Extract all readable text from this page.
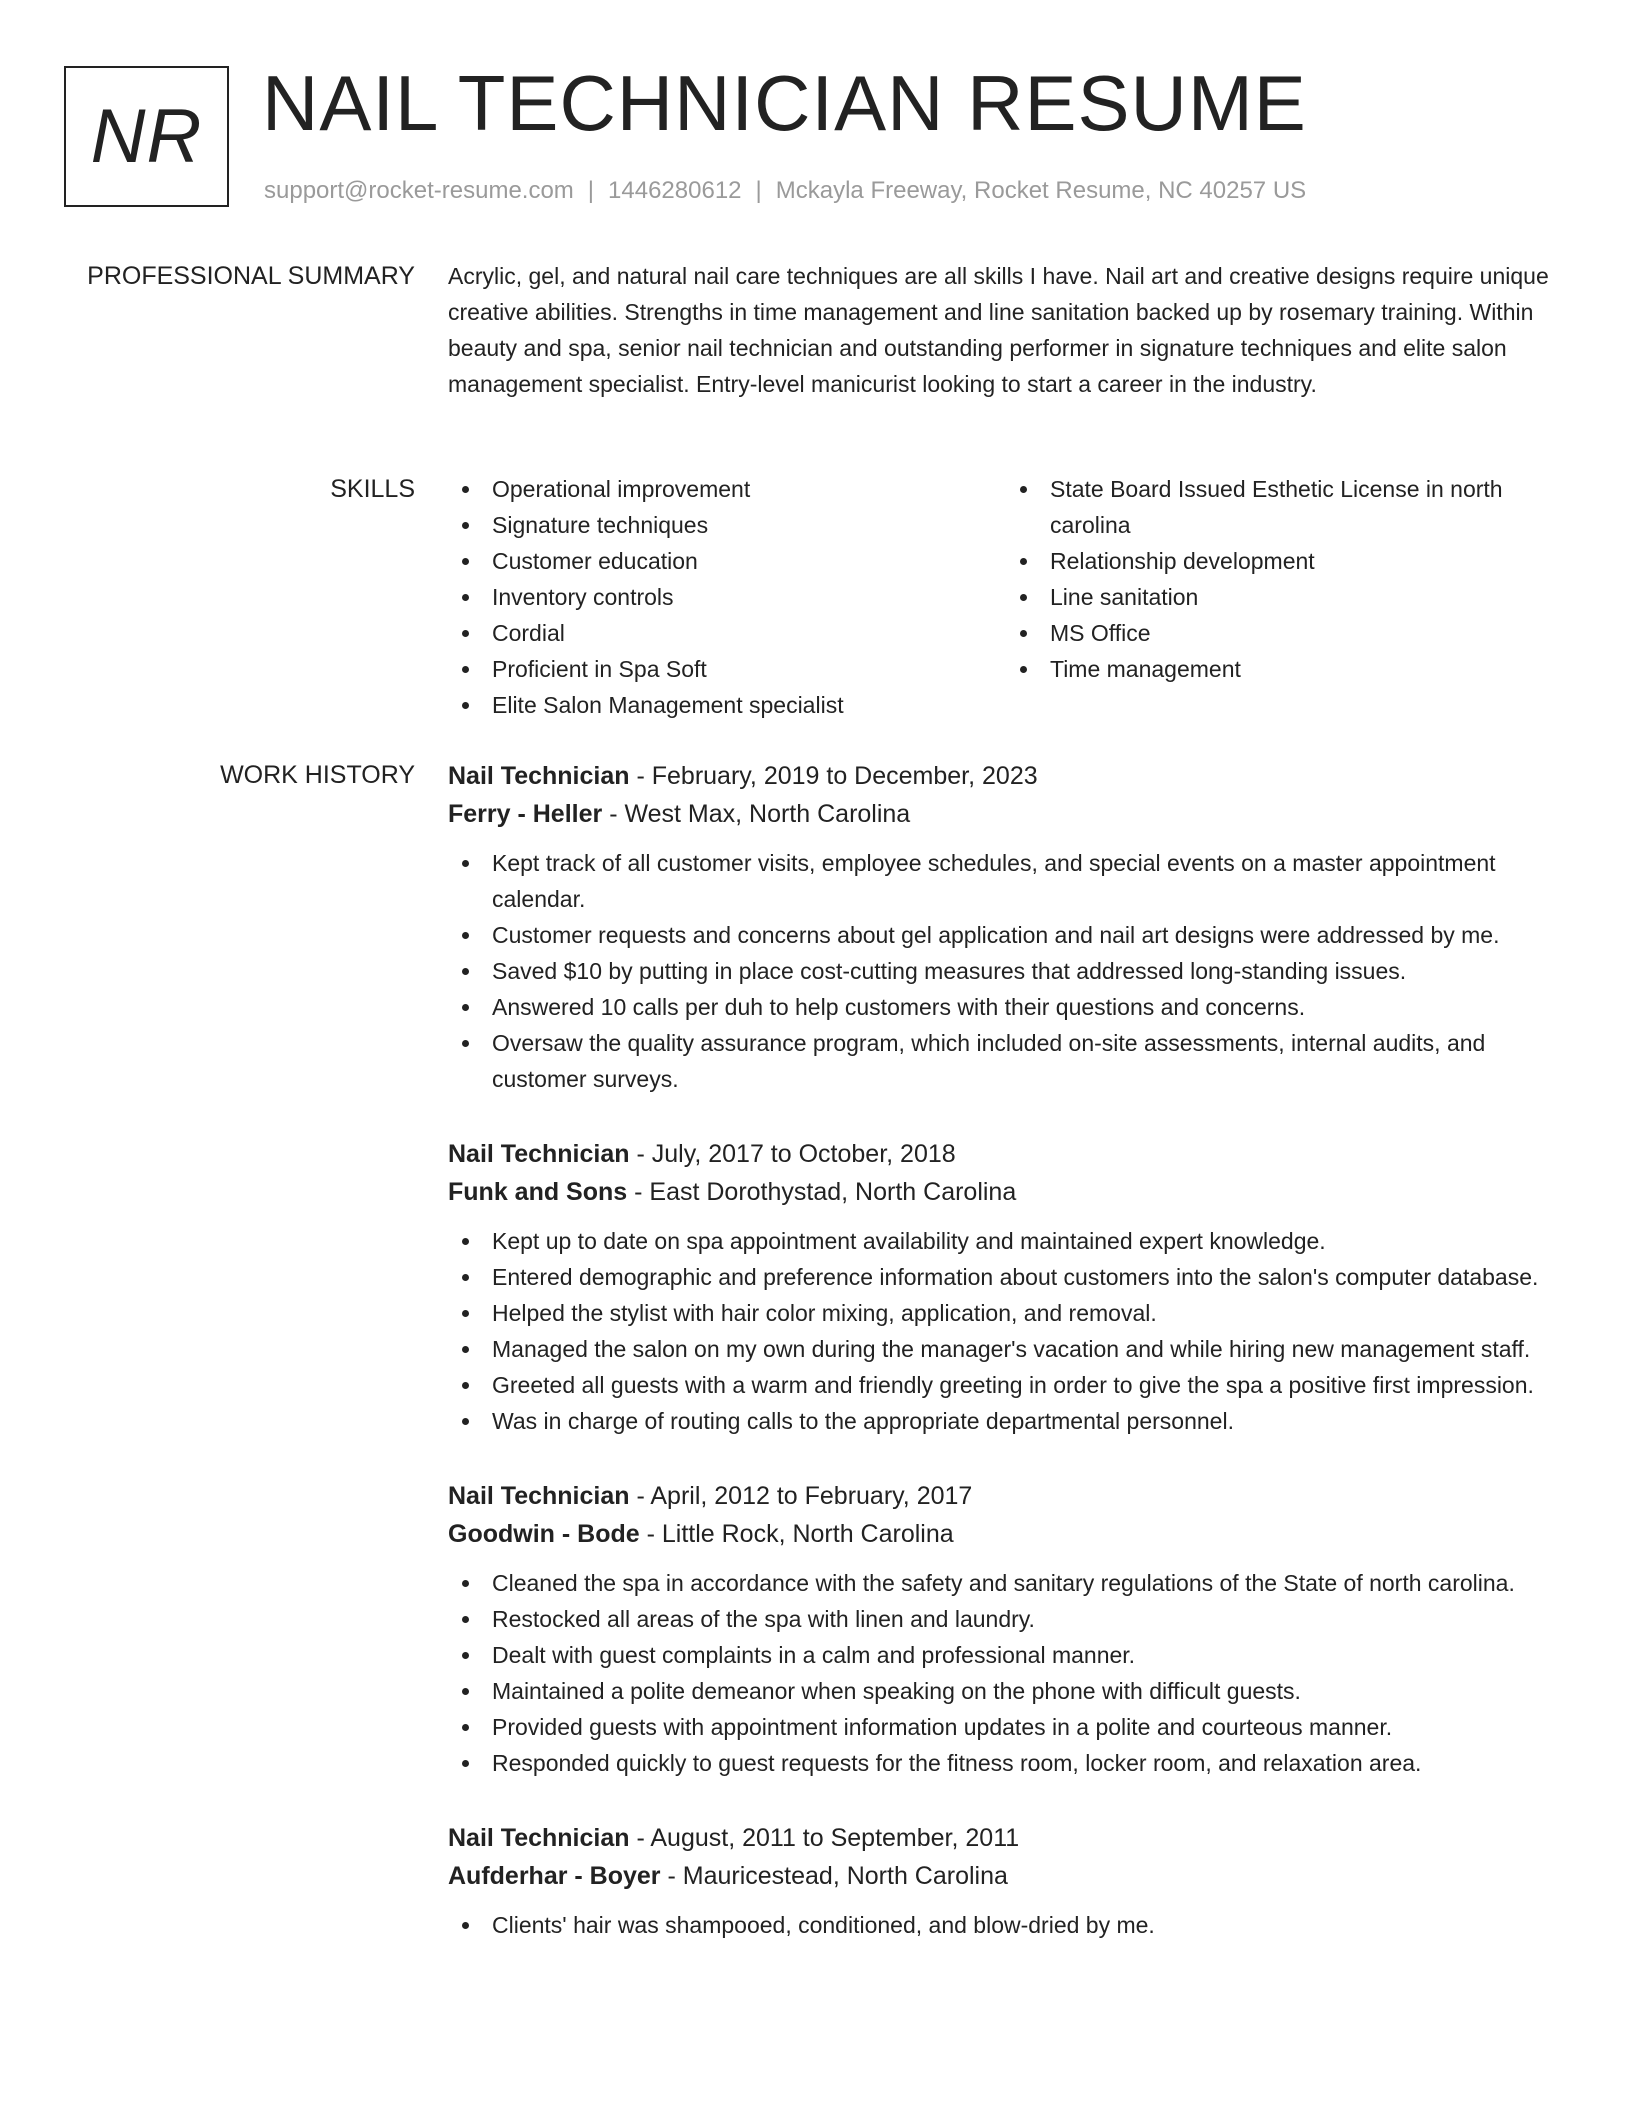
NR NAIL TECHNICIAN RESUME
support@rocket-resume.com | 1446280612 | Mckayla Freeway, Rocket Resume, NC 40257 US
PROFESSIONAL SUMMARY Acrylic, gel, and natural nail care techniques are all skills I have. Nail art and creative designs require unique creative abilities. Strengths in time management and line sanitation backed up by rosemary training. Within beauty and spa, senior nail technician and outstanding performer in signature techniques and elite salon management specialist. Entry-level manicurist looking to start a career in the industry.

SKILLS	Operational improvement
Signature techniques
Customer education
Inventory controls
Cordial
Proficient in Spa Soft
Elite Salon Management specialist
State Board Issued Esthetic License in north carolina
Relationship development
Line sanitation
MS Office
Time management
WORK HISTORY Nail Technician - February, 2019 to December, 2023
Ferry - Heller - West Max, North Carolina
Kept track of all customer visits, employee schedules, and special events on a master appointment calendar.
Customer requests and concerns about gel application and nail art designs were addressed by me.
Saved $10 by putting in place cost-cutting measures that addressed long-standing issues.
Answered 10 calls per duh to help customers with their questions and concerns.
Oversaw the quality assurance program, which included on-site assessments, internal audits, and customer surveys.
Nail Technician - July, 2017 to October, 2018
Funk and Sons - East Dorothystad, North Carolina
Kept up to date on spa appointment availability and maintained expert knowledge.
Entered demographic and preference information about customers into the salon's computer database.
Helped the stylist with hair color mixing, application, and removal.
Managed the salon on my own during the manager's vacation and while hiring new management staff.
Greeted all guests with a warm and friendly greeting in order to give the spa a positive first impression.
Was in charge of routing calls to the appropriate departmental personnel.
Nail Technician - April, 2012 to February, 2017
Goodwin - Bode - Little Rock, North Carolina
Cleaned the spa in accordance with the safety and sanitary regulations of the State of north carolina.
Restocked all areas of the spa with linen and laundry.
Dealt with guest complaints in a calm and professional manner.
Maintained a polite demeanor when speaking on the phone with difficult guests.
Provided guests with appointment information updates in a polite and courteous manner.
Responded quickly to guest requests for the fitness room, locker room, and relaxation area.
Nail Technician - August, 2011 to September, 2011
Aufderhar - Boyer - Mauricestead, North Carolina
Clients' hair was shampooed, conditioned, and blow-dried by me.
